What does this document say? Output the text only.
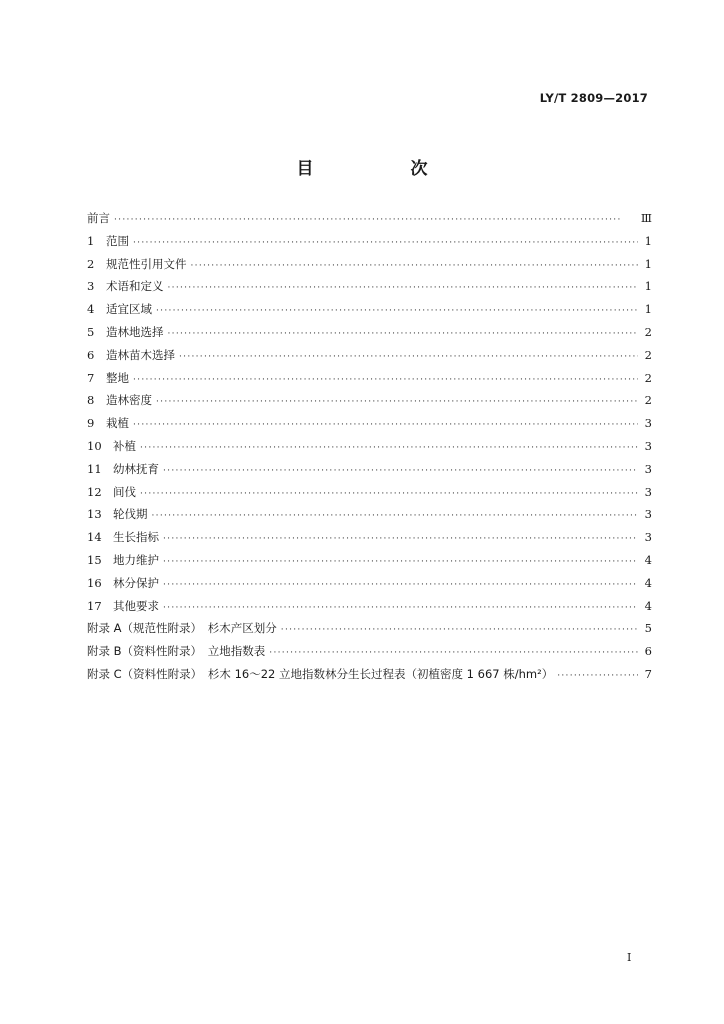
LY/T 2809—2017
目　次
前言 ·····	Ⅲ
1	范围 ·····	1
2	规范性引用文件 ·····	1
3	术语和定义 ·····	1
4	适宜区域 ·····	1
5	造林地选择 ·····	2
6	造林苗木选择 ·····	2
7	整地 ·····	2
8	造林密度 ·····	2
9	栽植 ·····	3
10 补植 ·····	3
11 幼林抚育 ·····	3
12 间伐 ·····	3
13 轮伐期 ·····	3
14 生长指标 ·····	3
15 地力维护 ·····	4
16 林分保护 ·····	4
17 其他要求 ·····	4
附录 A（规范性附录）　杉木产区划分 ·····	5
附录 B（资料性附录）　立地指数表 ·····	6
附录 C（资料性附录）　杉木 16～22 立地指数林分生长过程表（初植密度 1 667 株/hm²） ·····	7
I
